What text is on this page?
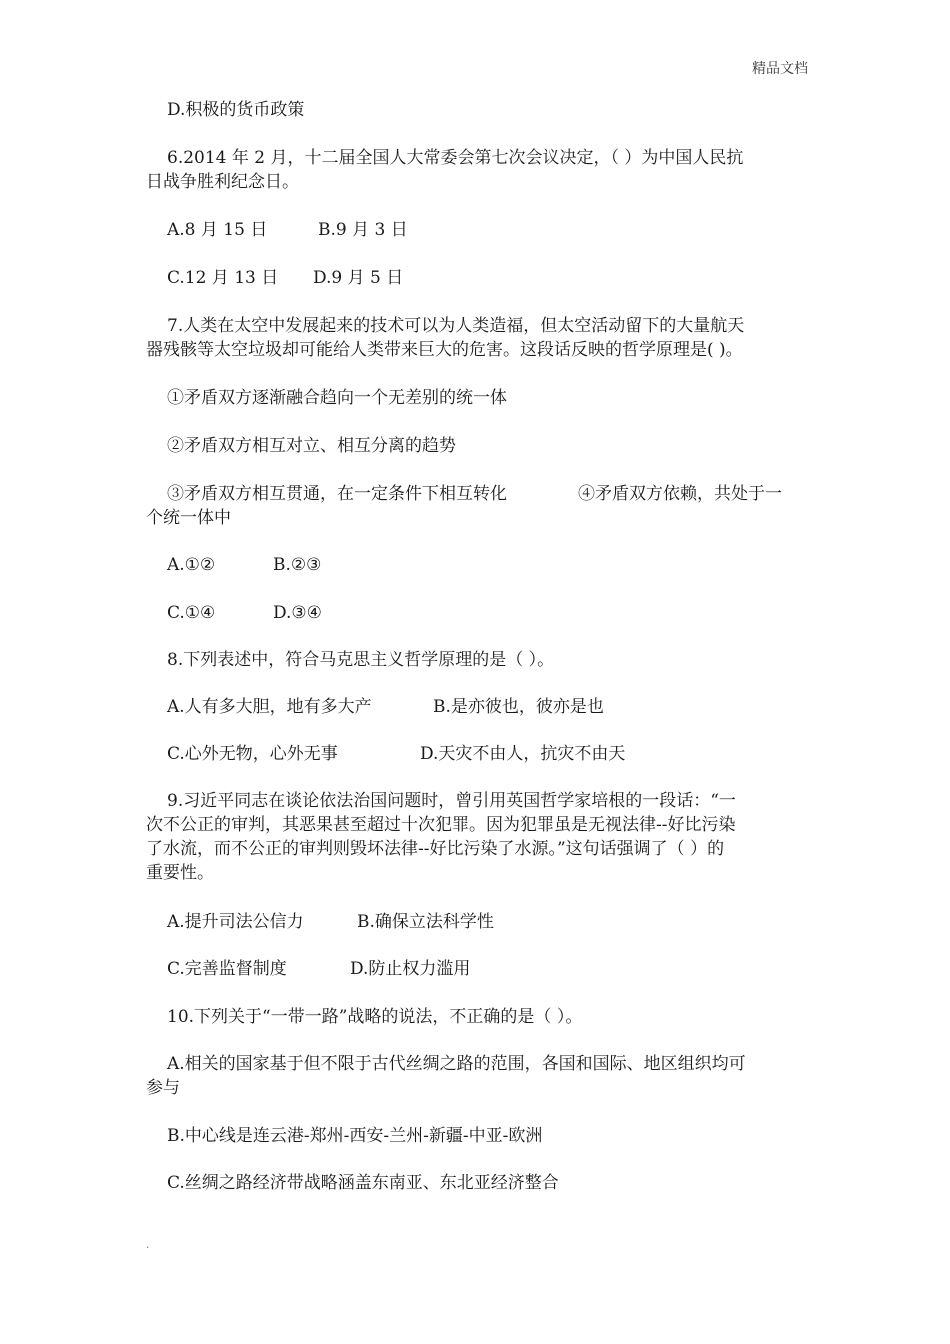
精品文档
D.积极的货币政策
6.2014 年 2 月，十二届全国人大常委会第七次会议决定，（ ）为中国人民抗
日战争胜利纪念日。
A.8 月 15 日	B.9 月 3 日
C.12 月 13 日	D.9 月 5 日
7.人类在太空中发展起来的技术可以为人类造福，但太空活动留下的大量航天
器残骸等太空垃圾却可能给人类带来巨大的危害。这段话反映的哲学原理是( )。
①矛盾双方逐渐融合趋向一个无差别的统一体
②矛盾双方相互对立、相互分离的趋势
③矛盾双方相互贯通，在一定条件下相互转化	④矛盾双方依赖，共处于一
个统一体中
A.①②	B.②③
C.①④	D.③④
8.下列表述中，符合马克思主义哲学原理的是（ ）。
A.人有多大胆，地有多大产	B.是亦彼也，彼亦是也
C.心外无物，心外无事	D.天灾不由人，抗灾不由天
9.习近平同志在谈论依法治国问题时，曾引用英国哲学家培根的一段话：“一
次不公正的审判，其恶果甚至超过十次犯罪。因为犯罪虽是无视法律--好比污染
了水流，而不公正的审判则毁坏法律--好比污染了水源。”这句话强调了（ ）的
重要性。
A.提升司法公信力	B.确保立法科学性
C.完善监督制度	D.防止权力滥用
10.下列关于“一带一路”战略的说法，不正确的是（ ）。
A.相关的国家基于但不限于古代丝绸之路的范围，各国和国际、地区组织均可
参与
B.中心线是连云港-郑州-西安-兰州-新疆-中亚-欧洲
C.丝绸之路经济带战略涵盖东南亚、东北亚经济整合
.
